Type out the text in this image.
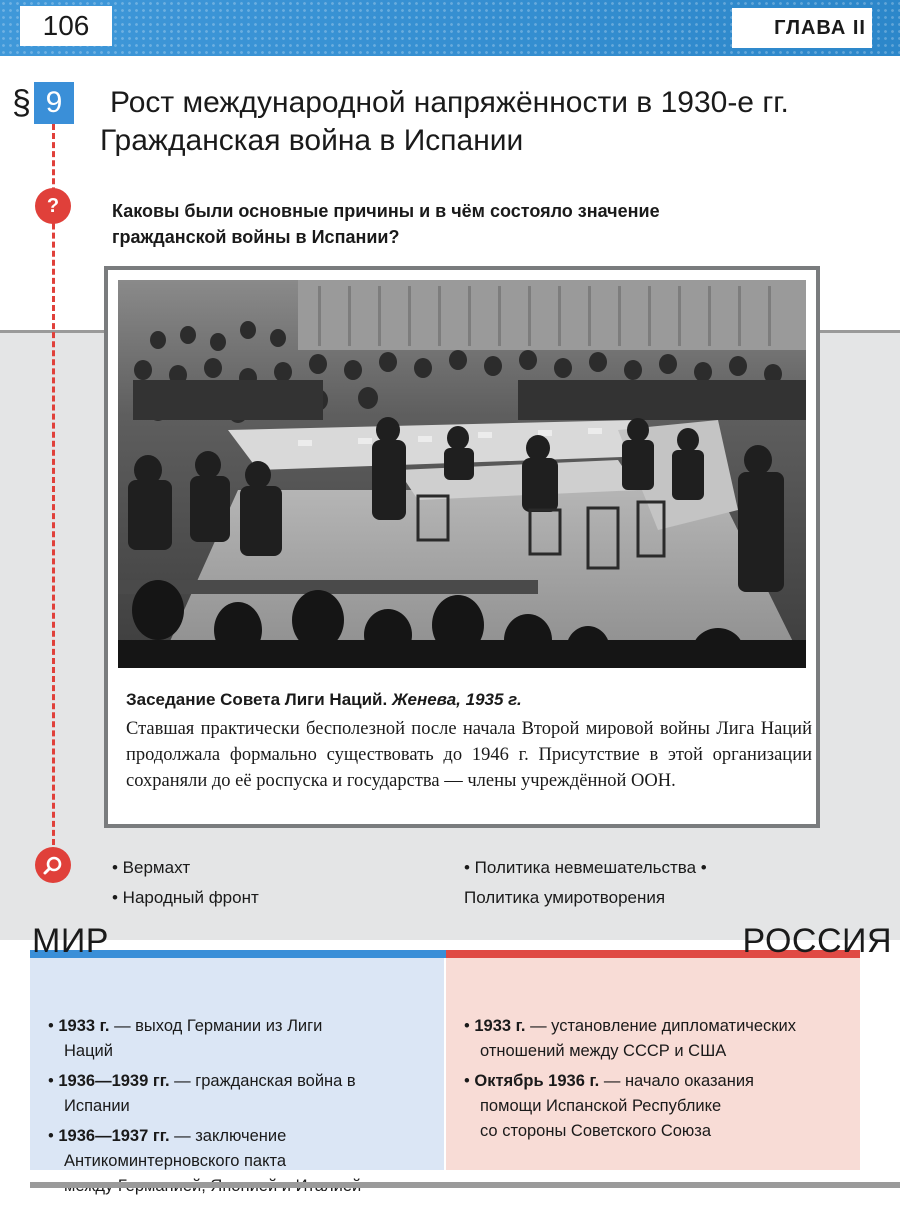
106	ГЛАВА II
§ 9	Рост международной напряжённости в 1930-е гг.
Гражданская война в Испании
?	Каковы были основные причины и в чём состояло значение гражданской войны в Испании?
Заседание Совета Лиги Наций. Женева, 1935 г.
Ставшая практически бесполезной после начала Второй мировой войны Лига Наций продолжала формально существовать до 1946 г. Присутствие в этой организации сохраняли до её роспуска и государства — члены учреждённой ООН.
• Вермахт
• Народный фронт
• Политика невмешательства •
Политика умиротворения
МИР	РОССИЯ
• 1933 г. — выход Германии из Лиги
Наций
• 1936—1939 гг. — гражданская война в
Испании
• 1936—1937 гг. — заключение
Антикоминтерновского пакта
• 1933 г. — установление дипломатических
отношений между СССР и США
• Октябрь 1936 г. — начало оказания
помощи Испанской Республике
со стороны Советского Союза
